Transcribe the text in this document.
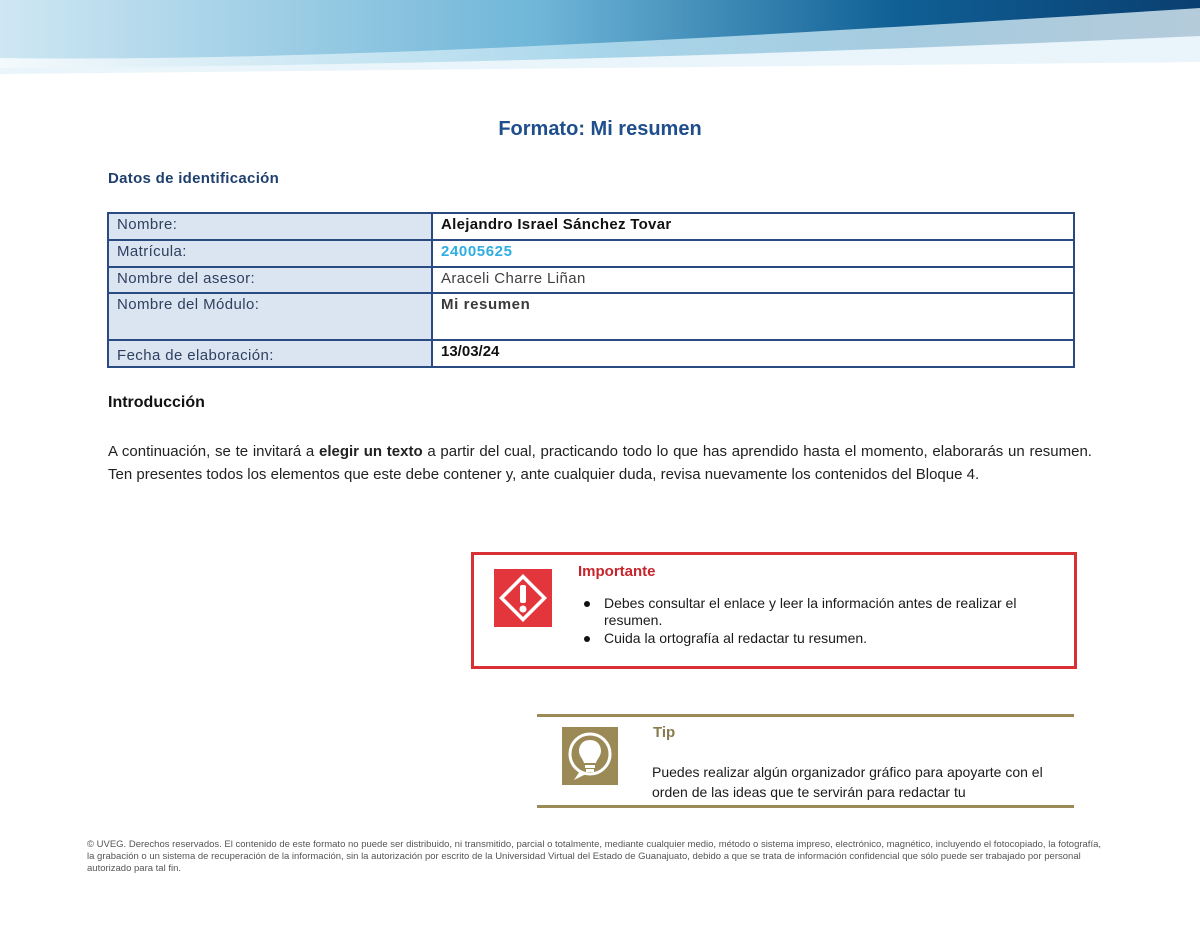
Formato: Mi resumen
Datos de identificación
Nombre:	Alejandro Israel Sánchez Tovar
Matrícula:	24005625
Nombre del asesor:	Araceli Charre Liñan
Nombre del Módulo:	Mi resumen
Fecha de elaboración:	13/03/24
Introducción
A continuación, se te invitará a elegir un texto a partir del cual, practicando todo lo que has aprendido hasta el momento, elaborarás un resumen. Ten presentes todos los elementos que este debe contener y, ante cualquier duda, revisa nuevamente los contenidos del Bloque 4.
Importante
Debes consultar el enlace y leer la información antes de realizar el resumen.
Cuida la ortografía al redactar tu resumen.
Tip
Puedes realizar algún organizador gráfico para apoyarte con el orden de las ideas que te servirán para redactar tu
© UVEG. Derechos reservados. El contenido de este formato no puede ser distribuido, ni transmitido, parcial o totalmente, mediante cualquier medio, método o sistema impreso, electrónico, magnético, incluyendo el fotocopiado, la fotografía, la grabación o un sistema de recuperación de la información, sin la autorización por escrito de la Universidad Virtual del Estado de Guanajuato, debido a que se trata de información confidencial que sólo puede ser trabajado por personal autorizado para tal fin.
